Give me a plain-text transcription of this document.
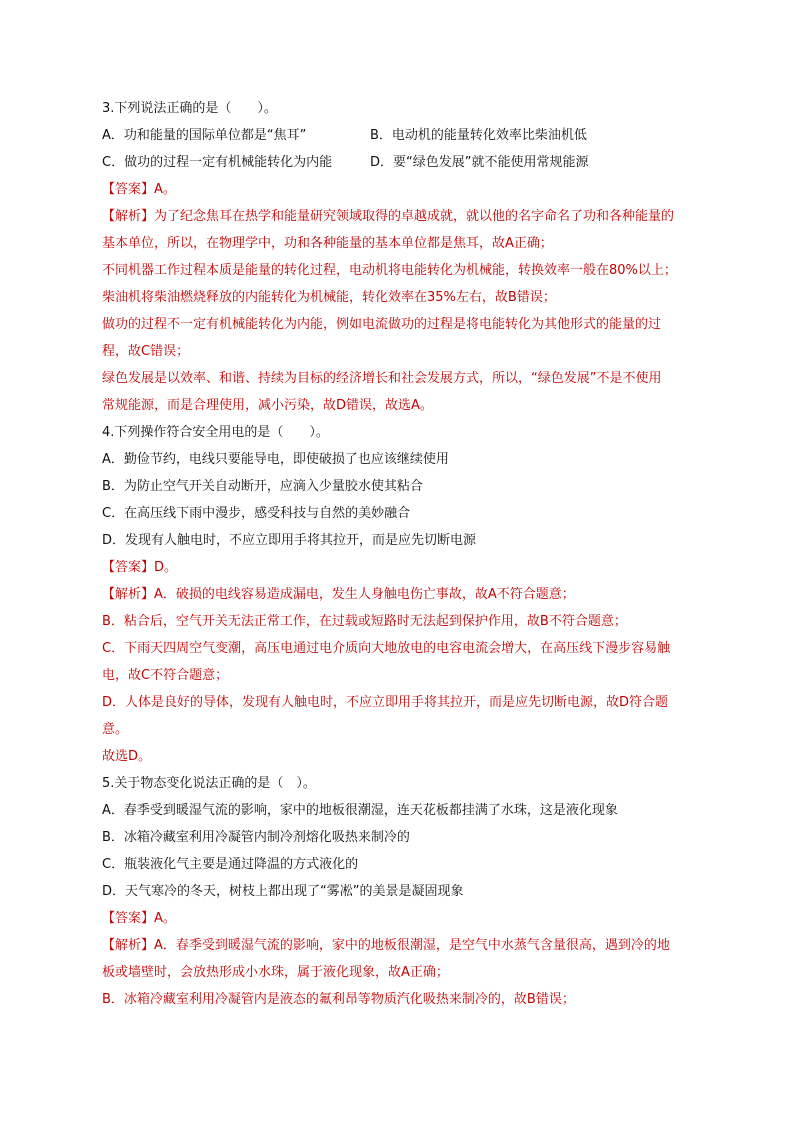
3.下列说法正确的是（　　）。
A．功和能量的国际单位都是“焦耳”	B．电动机的能量转化效率比柴油机低
C．做功的过程一定有机械能转化为内能	D．要“绿色发展”就不能使用常规能源
【答案】A。
【解析】为了纪念焦耳在热学和能量研究领域取得的卓越成就，就以他的名字命名了功和各种能量的
基本单位，所以，在物理学中，功和各种能量的基本单位都是焦耳，故A正确；
不同机器工作过程本质是能量的转化过程，电动机将电能转化为机械能，转换效率一般在80%以上；
柴油机将柴油燃烧释放的内能转化为机械能，转化效率在35%左右，故B错误；
做功的过程不一定有机械能转化为内能，例如电流做功的过程是将电能转化为其他形式的能量的过
程，故C错误；
绿色发展是以效率、和谐、持续为目标的经济增长和社会发展方式，所以，“绿色发展”不是不使用
常规能源，而是合理使用，减小污染，故D错误，故选A。
4.下列操作符合安全用电的是（　　）。
A．勤俭节约，电线只要能导电，即使破损了也应该继续使用
B．为防止空气开关自动断开，应滴入少量胶水使其粘合
C．在高压线下雨中漫步，感受科技与自然的美妙融合
D．发现有人触电时，不应立即用手将其拉开，而是应先切断电源
【答案】D。
【解析】A．破损的电线容易造成漏电，发生人身触电伤亡事故，故A不符合题意；
B．粘合后，空气开关无法正常工作，在过载或短路时无法起到保护作用，故B不符合题意；
C．下雨天四周空气变潮，高压电通过电介质向大地放电的电容电流会增大，在高压线下漫步容易触
电，故C不符合题意；
D．人体是良好的导体，发现有人触电时，不应立即用手将其拉开，而是应先切断电源，故D符合题
意。
故选D。
5.关于物态变化说法正确的是（　）。
A．春季受到暖湿气流的影响，家中的地板很潮湿，连天花板都挂满了水珠，这是液化现象
B．冰箱冷藏室利用冷凝管内制冷剂熔化吸热来制冷的
C．瓶装液化气主要是通过降温的方式液化的
D．天气寒冷的冬天，树枝上都出现了“雾凇”的美景是凝固现象
【答案】A。
【解析】A．春季受到暖湿气流的影响，家中的地板很潮湿，是空气中水蒸气含量很高，遇到冷的地
板或墙壁时，会放热形成小水珠，属于液化现象，故A正确；
B．冰箱冷藏室利用冷凝管内是液态的氟利昂等物质汽化吸热来制冷的，故B错误；
